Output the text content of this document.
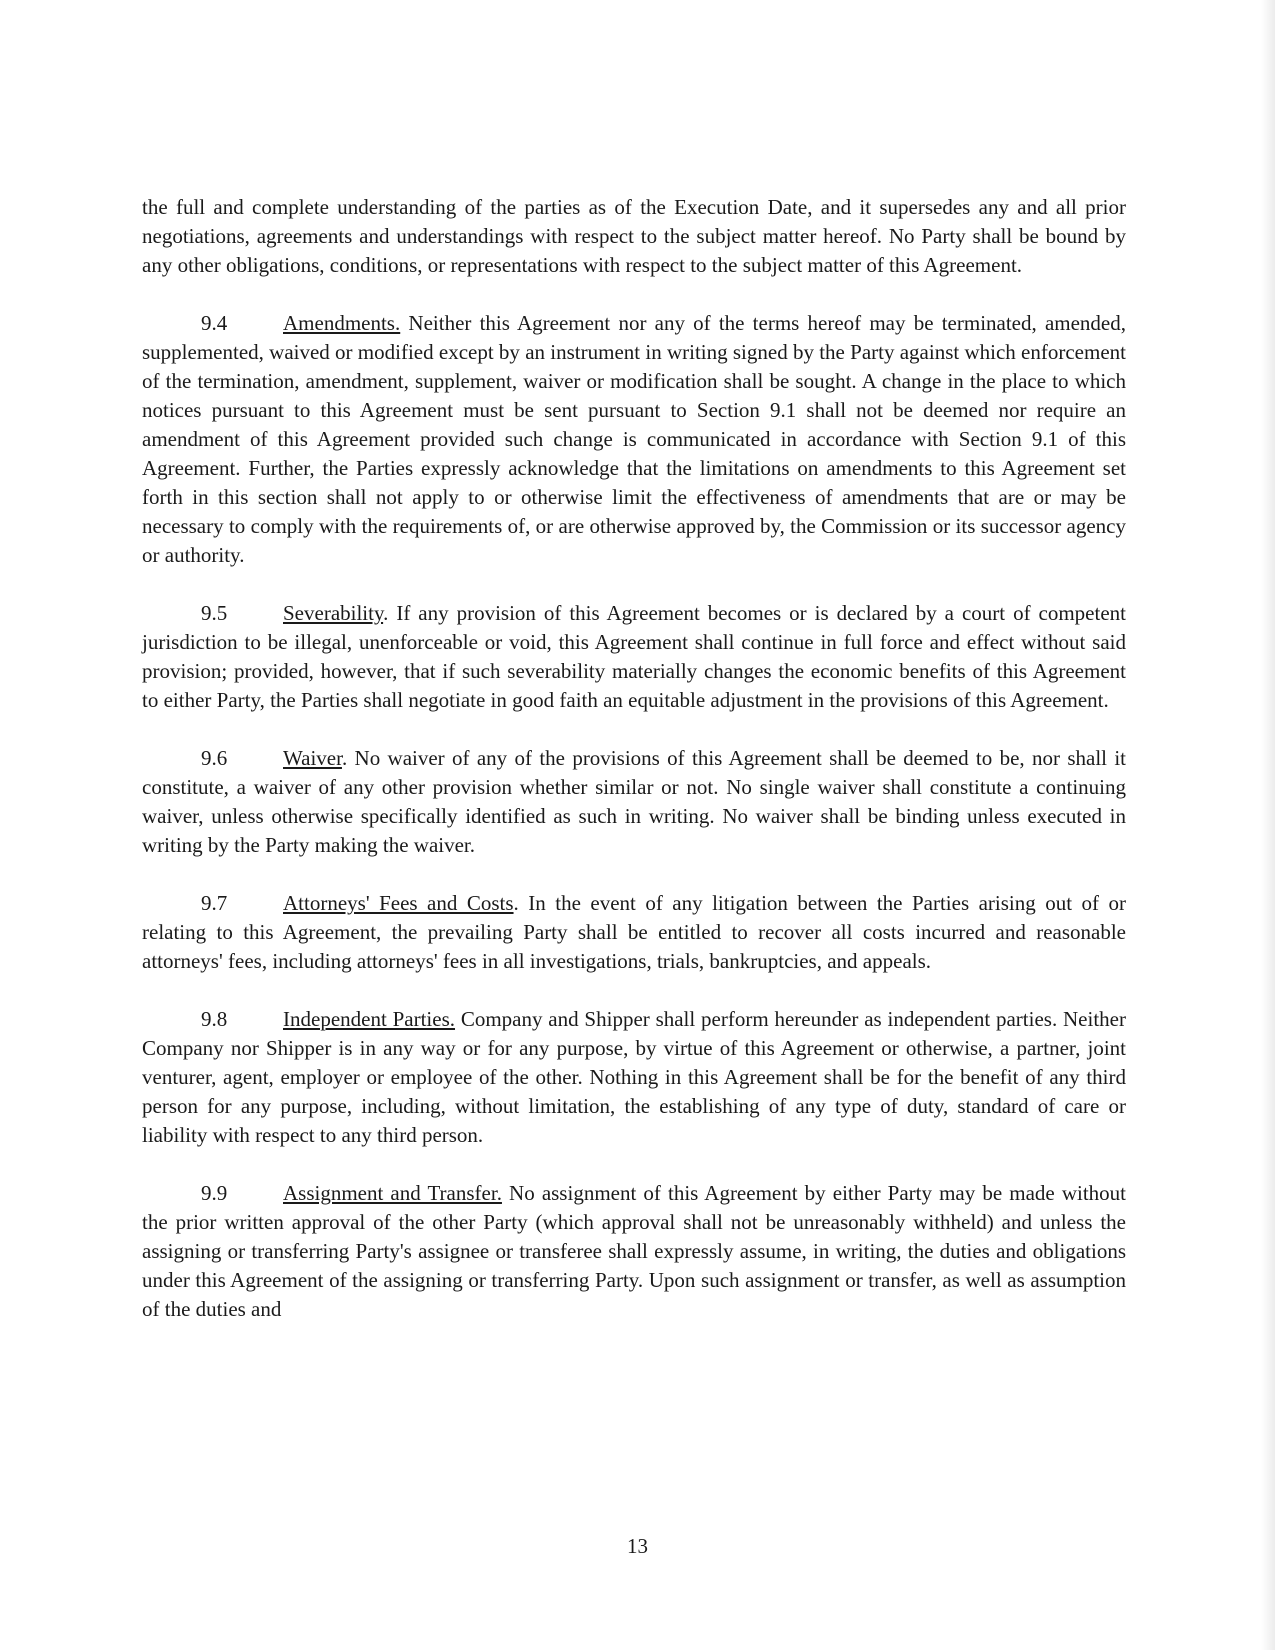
the full and complete understanding of the parties as of the Execution Date, and it supersedes any and all prior negotiations, agreements and understandings with respect to the subject matter hereof. No Party shall be bound by any other obligations, conditions, or representations with respect to the subject matter of this Agreement.

9.4	Amendments. Neither this Agreement nor any of the terms hereof may be terminated, amended, supplemented, waived or modified except by an instrument in writing signed by the Party against which enforcement of the termination, amendment, supplement, waiver or modification shall be sought. A change in the place to which notices pursuant to this Agreement must be sent pursuant to Section 9.1 shall not be deemed nor require an amendment of this Agreement provided such change is communicated in accordance with Section 9.1 of this Agreement. Further, the Parties expressly acknowledge that the limitations on amendments to this Agreement set forth in this section shall not apply to or otherwise limit the effectiveness of amendments that are or may be necessary to comply with the requirements of, or are otherwise approved by, the Commission or its successor agency or authority.

9.5	Severability. If any provision of this Agreement becomes or is declared by a court of competent jurisdiction to be illegal, unenforceable or void, this Agreement shall continue in full force and effect without said provision; provided, however, that if such severability materially changes the economic benefits of this Agreement to either Party, the Parties shall negotiate in good faith an equitable adjustment in the provisions of this Agreement.

9.6	Waiver. No waiver of any of the provisions of this Agreement shall be deemed to be, nor shall it constitute, a waiver of any other provision whether similar or not. No single waiver shall constitute a continuing waiver, unless otherwise specifically identified as such in writing. No waiver shall be binding unless executed in writing by the Party making the waiver.

9.7	Attorneys' Fees and Costs. In the event of any litigation between the Parties arising out of or relating to this Agreement, the prevailing Party shall be entitled to recover all costs incurred and reasonable attorneys' fees, including attorneys' fees in all investigations, trials, bankruptcies, and appeals.

9.8	Independent Parties. Company and Shipper shall perform hereunder as independent parties. Neither Company nor Shipper is in any way or for any purpose, by virtue of this Agreement or otherwise, a partner, joint venturer, agent, employer or employee of the other. Nothing in this Agreement shall be for the benefit of any third person for any purpose, including, without limitation, the establishing of any type of duty, standard of care or liability with respect to any third person.

9.9	Assignment and Transfer. No assignment of this Agreement by either Party may be made without the prior written approval of the other Party (which approval shall not be unreasonably withheld) and unless the assigning or transferring Party's assignee or transferee shall expressly assume, in writing, the duties and obligations under this Agreement of the assigning or transferring Party. Upon such assignment or transfer, as well as assumption of the duties and

13
